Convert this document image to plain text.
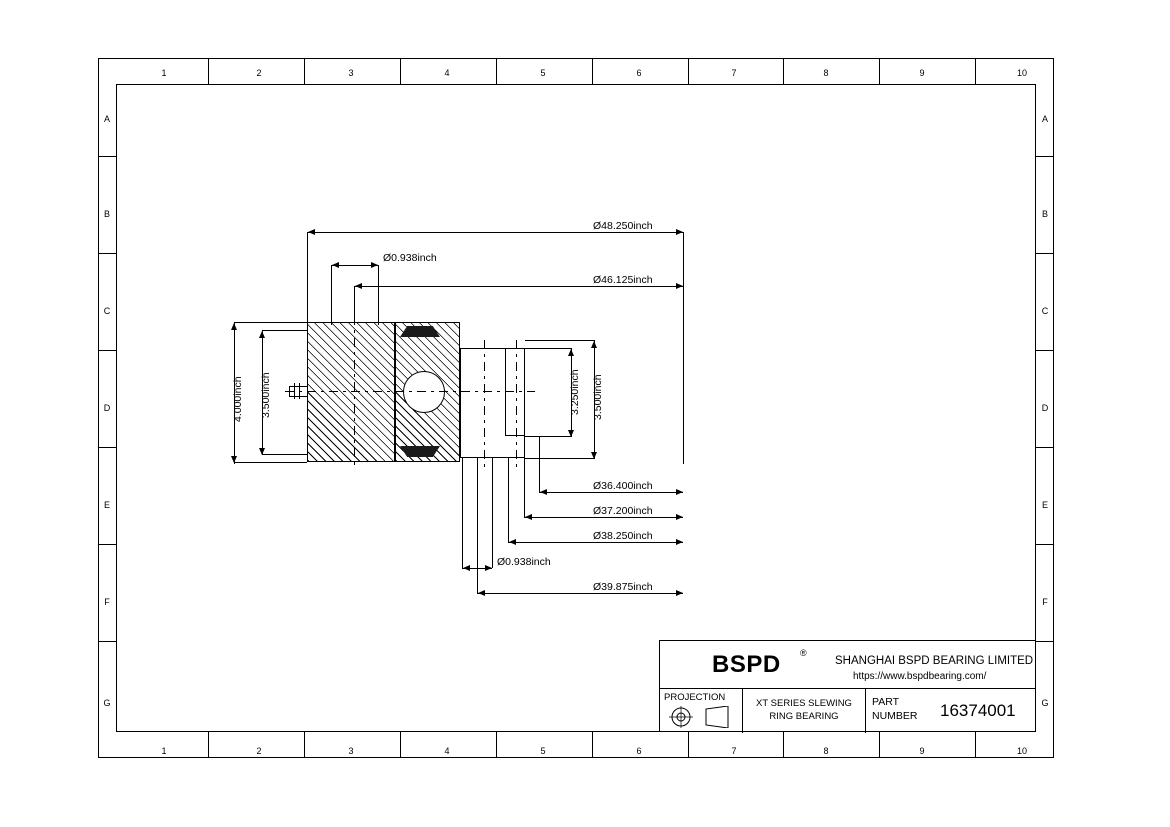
1	2	3	4	5	6	7	8	9	10
1	2	3	4	5	6	7	8	9	10
A
B
C
D
E
F
G
A
B
C
D
E
F
G
Ø48.250inch
Ø0.938inch
Ø46.125inch
4.000inch 3.500inch	3.250inch 3.500inch
Ø36.400inch
Ø37.200inch
Ø38.250inch
Ø0.938inch
Ø39.875inch
BSPD ®
SHANGHAI BSPD BEARING LIMITED
https://www.bspdbearing.com/
PROJECTION
XT SERIES SLEWING
RING BEARING
PART
NUMBER 16374001
